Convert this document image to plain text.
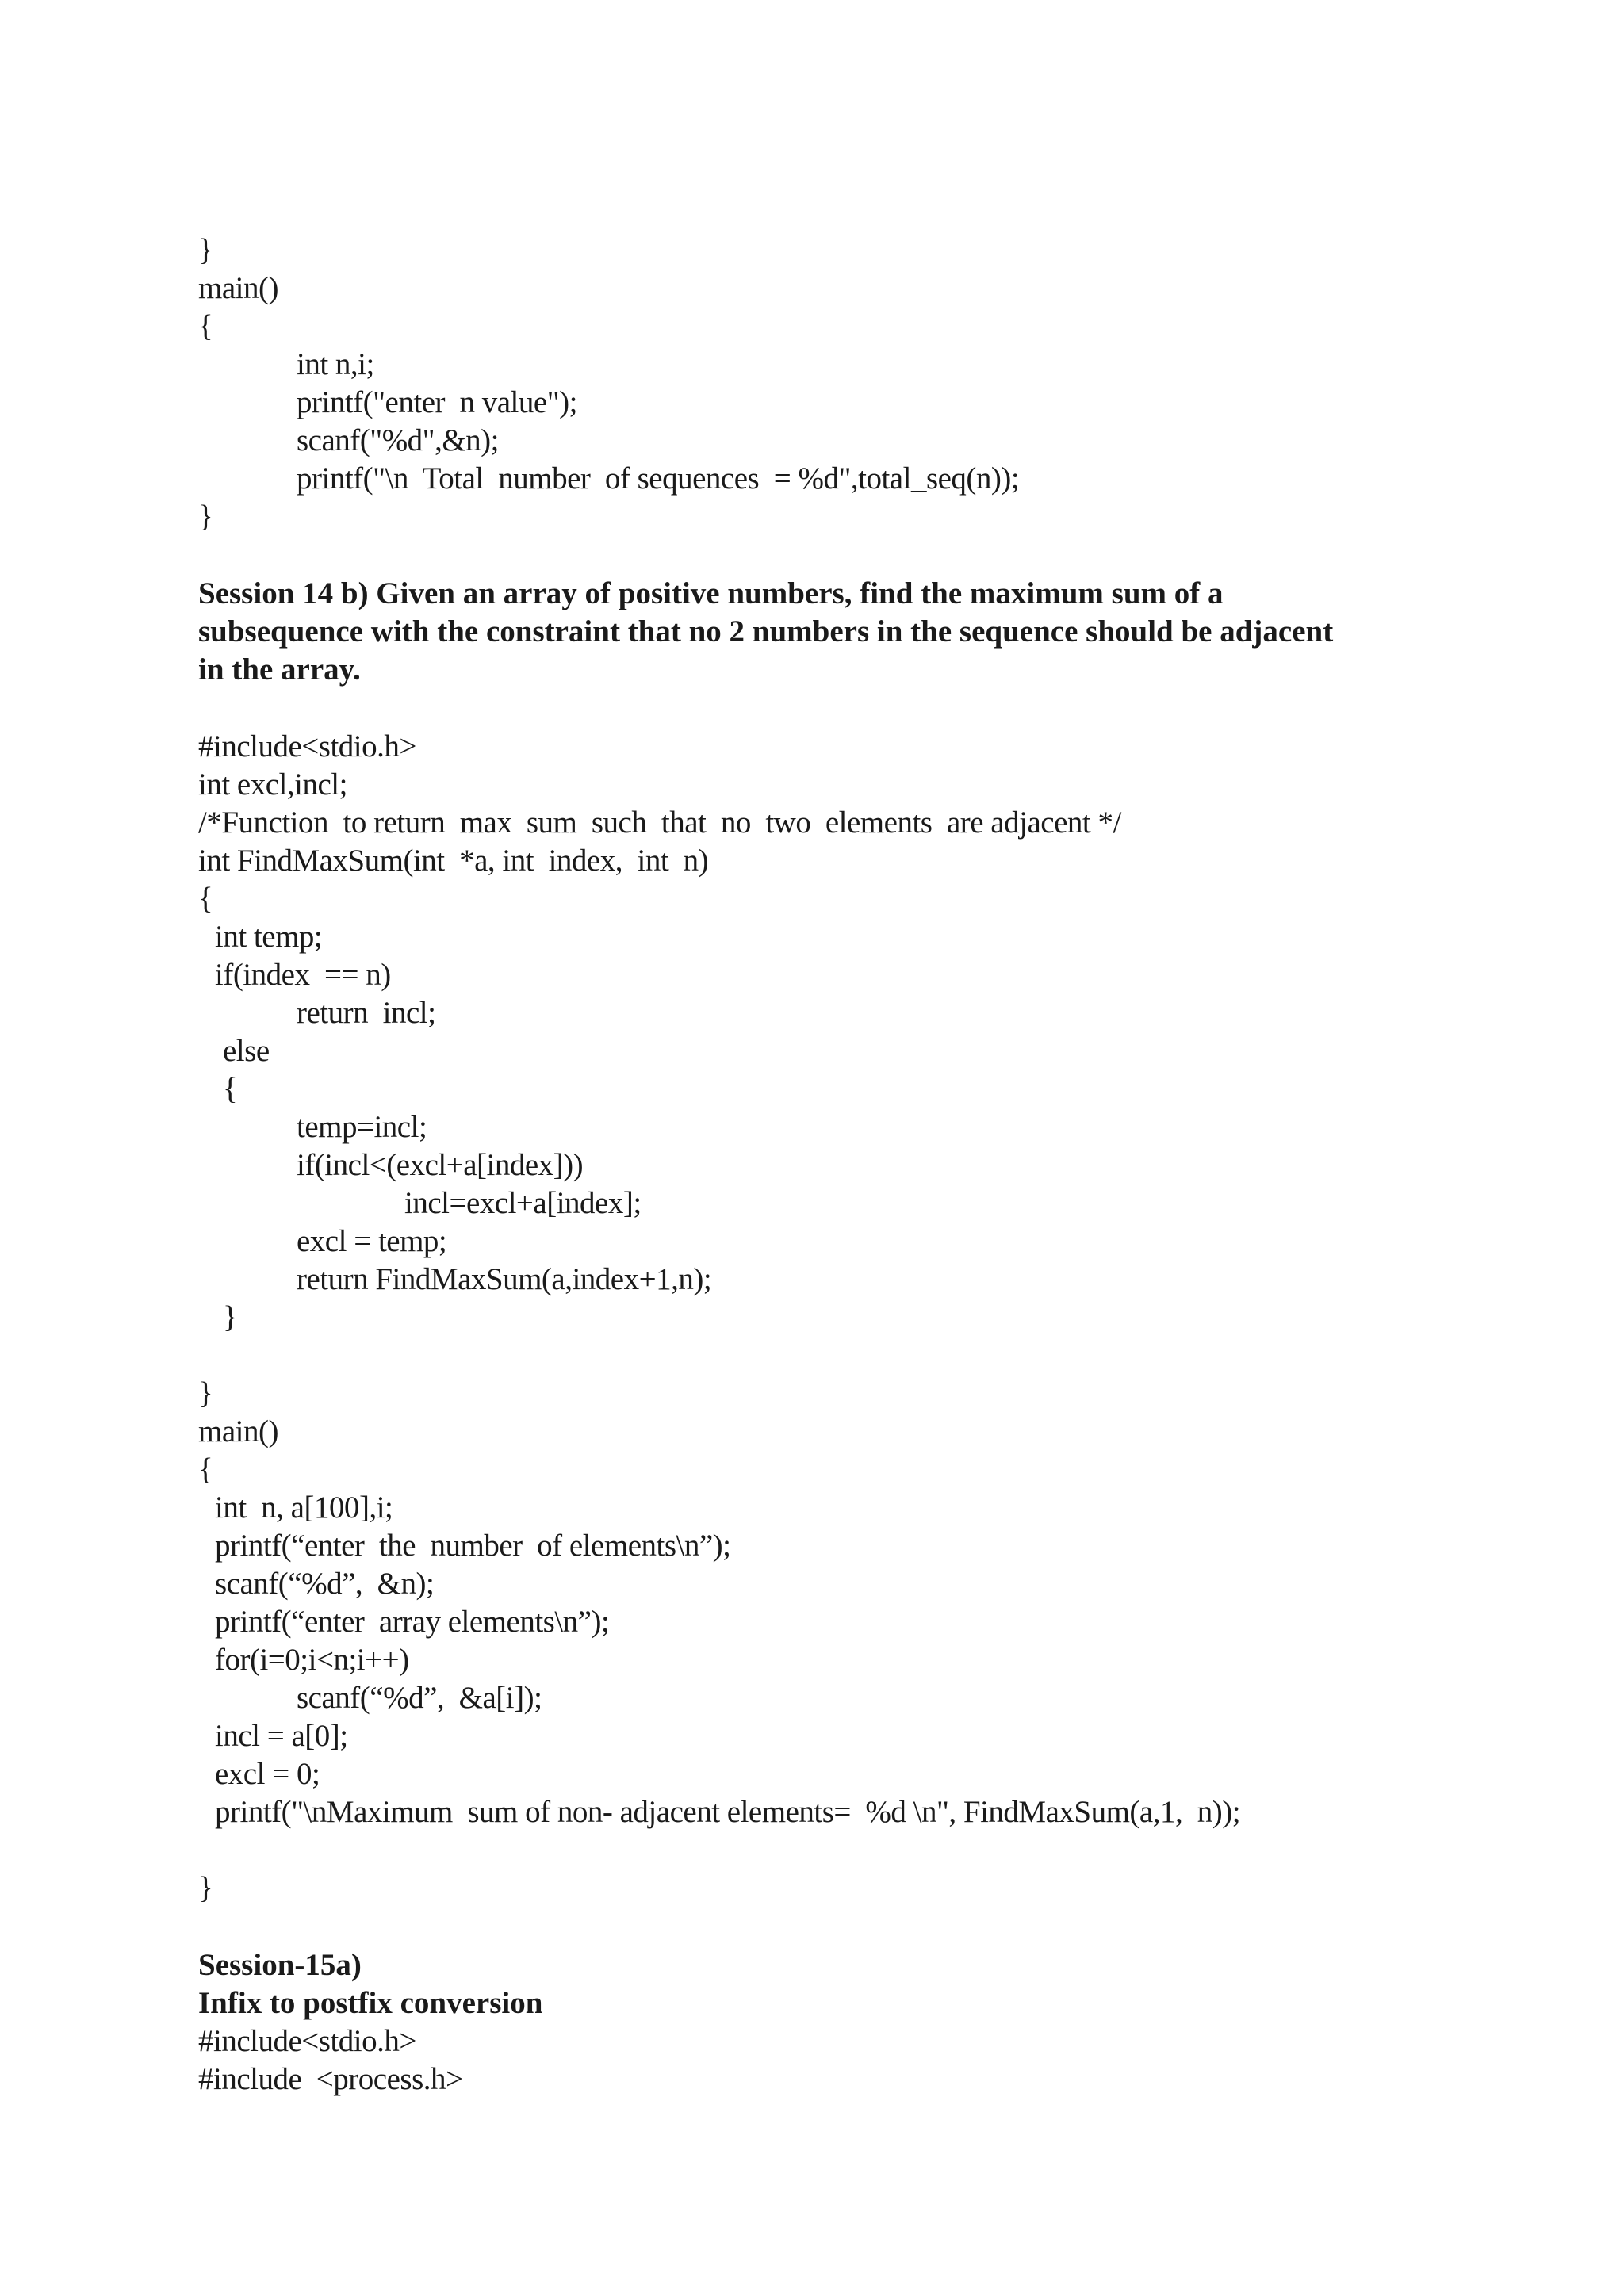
}
main()
{
int n,i;
printf("enter  n value");
scanf("%d",&n);
printf("\n  Total  number  of sequences  = %d",total_seq(n));
}
Session 14 b) Given an array of positive numbers, find the maximum sum of a
subsequence with the constraint that no 2 numbers in the sequence should be adjacent
in the array.
#include<stdio.h>
int excl,incl;
/*Function  to return  max  sum  such  that  no  two  elements  are adjacent */
int FindMaxSum(int  *a, int  index,  int  n)
{
int temp;
if(index  == n)
return  incl;
else
{
temp=incl;
if(incl<(excl+a[index]))
incl=excl+a[index];
excl = temp;
return FindMaxSum(a,index+1,n);
}
}
main()
{
int  n, a[100],i;
printf(“enter  the  number  of elements\n”);
scanf(“%d”,  &n);
printf(“enter  array elements\n”);
for(i=0;i<n;i++)
scanf(“%d”,  &a[i]);
incl = a[0];
excl = 0;
printf("\nMaximum  sum of non- adjacent elements=  %d \n", FindMaxSum(a,1,  n));
}
Session-15a)
Infix to postfix conversion
#include<stdio.h>
#include  <process.h>
